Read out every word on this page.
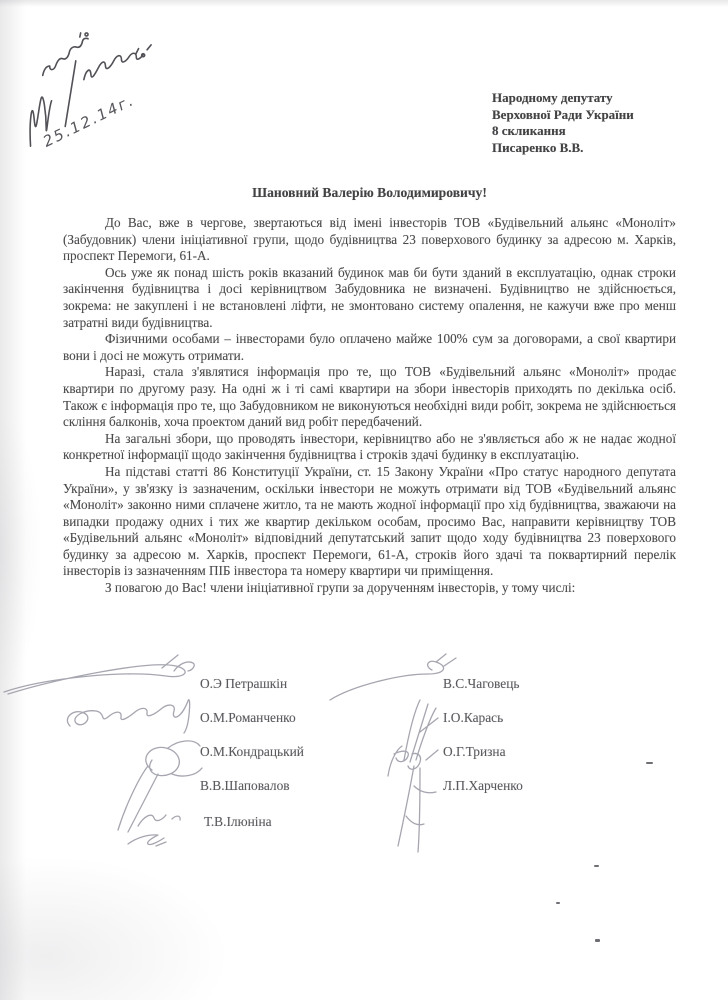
25.12.14г.	Народному депутату
Верховної Ради України
8 скликання
Писаренко В.В.
Шановний Валерію Володимировичу!

До Вас, вже в чергове, звертаються від імені інвесторів ТОВ «Будівельний альянс «Моноліт» (Забудовник) члени ініціативної групи, щодо будівництва 23 поверхового будинку за адресою м. Харків, проспект Перемоги, 61-А.

Ось уже як понад шість років вказаний будинок мав би бути зданий в експлуатацію, однак строки закінчення будівництва і досі керівництвом Забудовника не визначені. Будівництво не здійснюється, зокрема: не закуплені і не встановлені ліфти, не змонтовано систему опалення, не кажучи вже про менш затратні види будівництва.

Фізичними особами – інвесторами було оплачено майже 100% сум за договорами, а свої квартири вони і досі не можуть отримати.

Наразі, стала з'являтися інформація про те, що ТОВ «Будівельний альянс «Моноліт» продає квартири по другому разу. На одні ж і ті самі квартири на збори інвесторів приходять по декілька осіб. Також є інформація про те, що Забудовником не виконуються необхідні види робіт, зокрема не здійснюється скління балконів, хоча проектом даний вид робіт передбачений.

На загальні збори, що проводять інвестори, керівництво або не з'являється або ж не надає жодної конкретної інформації щодо закінчення будівництва і строків здачі будинку в експлуатацію.

На підставі статті 86 Конституції України, ст. 15 Закону України «Про статус народного депутата України», у зв'язку із зазначеним, оскільки інвестори не можуть отримати від ТОВ «Будівельний альянс «Моноліт» законно ними сплачене житло, та не мають жодної інформації про хід будівництва, зважаючи на випадки продажу одних і тих же квартир декільком особам, просимо Вас, направити керівництву ТОВ «Будівельний альянс «Моноліт» відповідний депутатський запит щодо ходу будівництва 23 поверхового будинку за адресою м. Харків, проспект Перемоги, 61-А, строків його здачі та поквартирний перелік інвесторів із зазначенням ПІБ інвестора та номеру квартири чи приміщення.

З повагою до Вас! члени ініціативної групи за дорученням інвесторів, у тому числі:

О.Э Петрашкін
О.М.Романченко
О.М.Кондрацький
В.В.Шаповалов
Т.В.Ілюніна
В.С.Чаговець
І.О.Карась
О.Г.Тризна
Л.П.Харченко
